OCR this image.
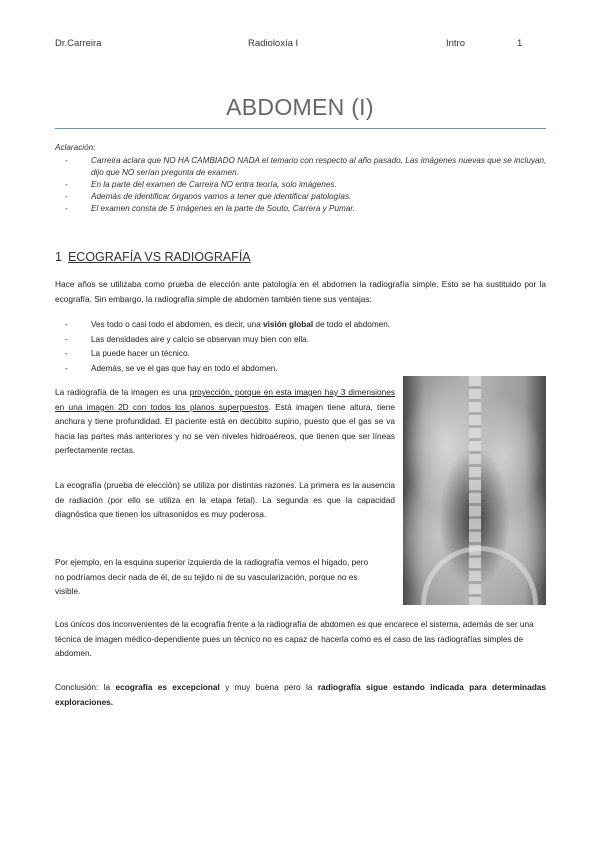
Dr.Carreira	Radioloxía I	Intro	1
ABDOMEN (I)
Aclaración:
- Carreira aclara que NO HA CAMBIADO NADA el temario con respecto al año pasado. Las imágenes nuevas que se incluyan, dijo que NO serían pregunta de examen.
- En la parte del examen de Carreira NO entra teoría, solo imágenes.
- Además de identificar órganos vamos a tener que identificar patologías.
- El examen consta de 5 imágenes en la parte de Souto, Carrera y Pumar.
1 ECOGRAFÍA VS RADIOGRAFÍA
Hace años se utilizaba como prueba de elección ante patología en el abdomen la radiografía simple. Esto se ha sustituido por la ecografía. Sin embargo, la radiografía simple de abdomen también tiene sus ventajas:
- Ves todo o casi todo el abdomen, es decir, una visión global de todo el abdomen.
- Las densidades aire y calcio se observan muy bien con ella.
- La puede hacer un técnico.
- Además, se ve el gas que hay en todo el abdomen.
La radiografía de la imagen es una proyección, porque en esta imagen hay 3 dimensiones en una imagen 2D con todos los planos superpuestos. Está imagen tiene altura, tiene anchura y tiene profundidad. El paciente está en decúbito supino, puesto que el gas se va hacia las partes más anteriores y no se ven niveles hidroaéreos, que tienen que ser líneas perfectamente rectas.
La ecografía (prueba de elección) se utiliza por distintas razones. La primera es la ausencia de radiación (por ello se utiliza en la etapa fetal). La segunda es que la capacidad diagnóstica que tienen los ultrasonidos es muy poderosa.
Por ejemplo, en la esquina superior izquierda de la radiografía vemos el hígado, pero no podríamos decir nada de él, de su tejido ni de su vascularización, porque no es visible.
Los únicos dos inconvenientes de la ecografía frente a la radiografía de abdomen es que encarece el sistema, además de ser una técnica de imagen médico-dependiente pues un técnico no es capaz de hacerla como es el caso de las radiografías simples de abdomen.
Conclusión: la ecografía es excepcional y muy buena pero la radiografía sigue estando indicada para determinadas exploraciones.
